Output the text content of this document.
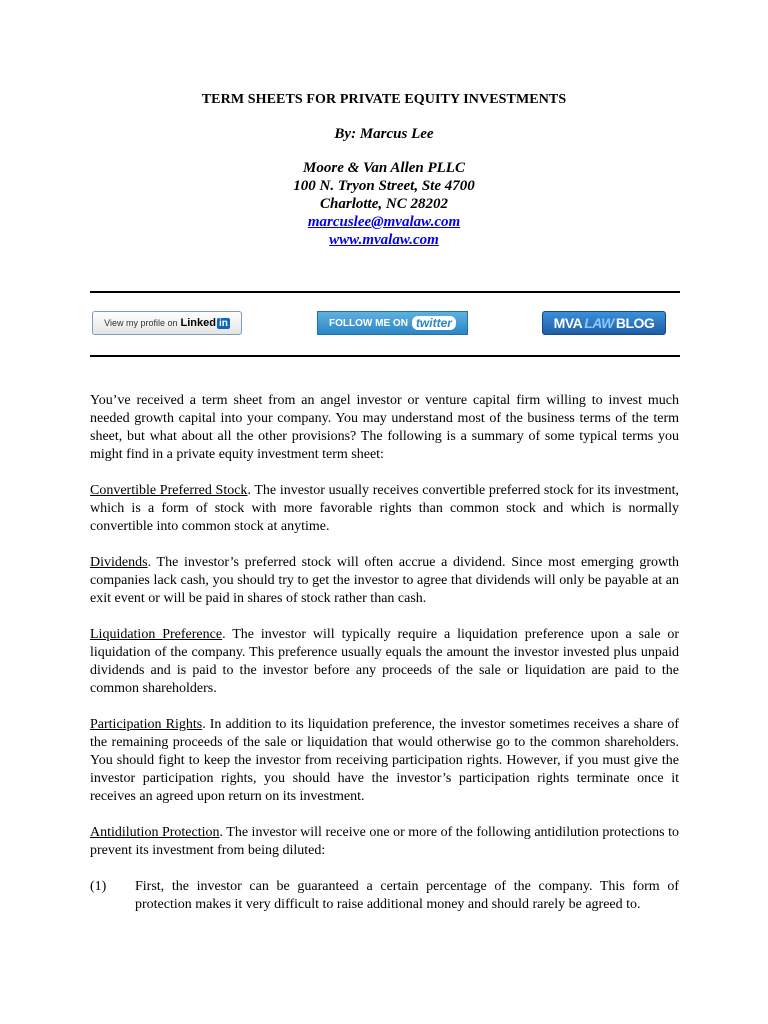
TERM SHEETS FOR PRIVATE EQUITY INVESTMENTS
By: Marcus Lee
Moore & Van Allen PLLC
100 N. Tryon Street, Ste 4700
Charlotte, NC 28202
marcuslee@mvalaw.com
www.mvalaw.com
View my profile on Linked in	FOLLOW ME ON twitter	MVA LAW BLOG

You’ve received a term sheet from an angel investor or venture capital firm willing to invest much needed growth capital into your company. You may understand most of the business terms of the term sheet, but what about all the other provisions? The following is a summary of some typical terms you might find in a private equity investment term sheet:

Convertible Preferred Stock. The investor usually receives convertible preferred stock for its investment, which is a form of stock with more favorable rights than common stock and which is normally convertible into common stock at anytime.

Dividends. The investor’s preferred stock will often accrue a dividend. Since most emerging growth companies lack cash, you should try to get the investor to agree that dividends will only be payable at an exit event or will be paid in shares of stock rather than cash.

Liquidation Preference. The investor will typically require a liquidation preference upon a sale or liquidation of the company. This preference usually equals the amount the investor invested plus unpaid dividends and is paid to the investor before any proceeds of the sale or liquidation are paid to the common shareholders.

Participation Rights. In addition to its liquidation preference, the investor sometimes receives a share of the remaining proceeds of the sale or liquidation that would otherwise go to the common shareholders. You should fight to keep the investor from receiving participation rights. However, if you must give the investor participation rights, you should have the investor’s participation rights terminate once it receives an agreed upon return on its investment.

Antidilution Protection. The investor will receive one or more of the following antidilution protections to prevent its investment from being diluted:

(1)	First, the investor can be guaranteed a certain percentage of the company. This form of protection makes it very difficult to raise additional money and should rarely be agreed to.
